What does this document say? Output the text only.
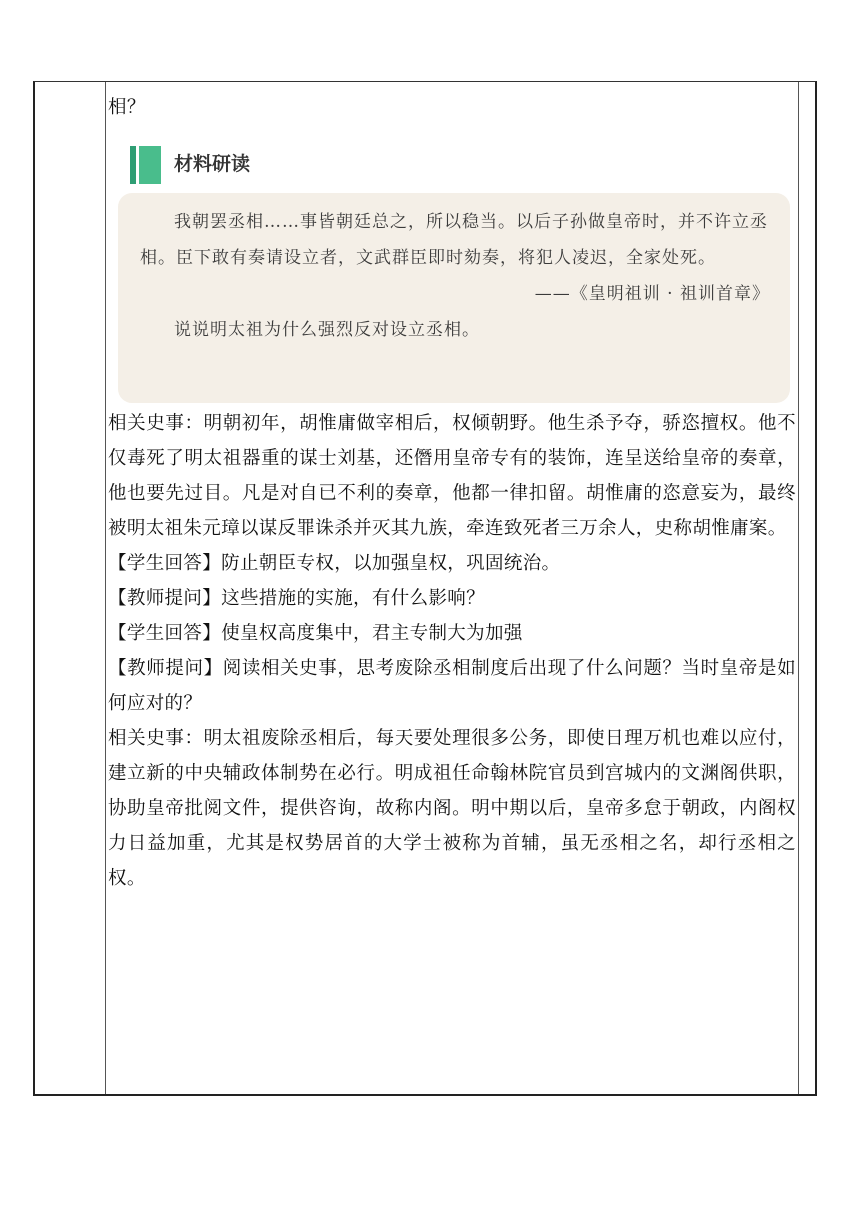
相？

材料研读

我朝罢丞相……事皆朝廷总之，所以稳当。以后子孙做皇帝时，并不许立丞相。臣下敢有奏请设立者，文武群臣即时劾奏，将犯人凌迟，全家处死。

——《皇明祖训 · 祖训首章》

说说明太祖为什么强烈反对设立丞相。

相关史事：明朝初年，胡惟庸做宰相后，权倾朝野。他生杀予夺，骄恣擅权。他不仅毒死了明太祖器重的谋士刘基，还僭用皇帝专有的装饰，连呈送给皇帝的奏章，他也要先过目。凡是对自已不利的奏章，他都一律扣留。胡惟庸的恣意妄为，最终被明太祖朱元璋以谋反罪诛杀并灭其九族，牵连致死者三万余人，史称胡惟庸案。

【学生回答】防止朝臣专权，以加强皇权，巩固统治。

【教师提问】这些措施的实施，有什么影响？

【学生回答】使皇权高度集中，君主专制大为加强

【教师提问】阅读相关史事，思考废除丞相制度后出现了什么问题？当时皇帝是如何应对的？

相关史事：明太祖废除丞相后，每天要处理很多公务，即使日理万机也难以应付，建立新的中央辅政体制势在必行。明成祖任命翰林院官员到宫城内的文渊阁供职，协助皇帝批阅文件，提供咨询，故称内阁。明中期以后，皇帝多怠于朝政，内阁权力日益加重，尤其是权势居首的大学士被称为首辅，虽无丞相之名，却行丞相之权。
